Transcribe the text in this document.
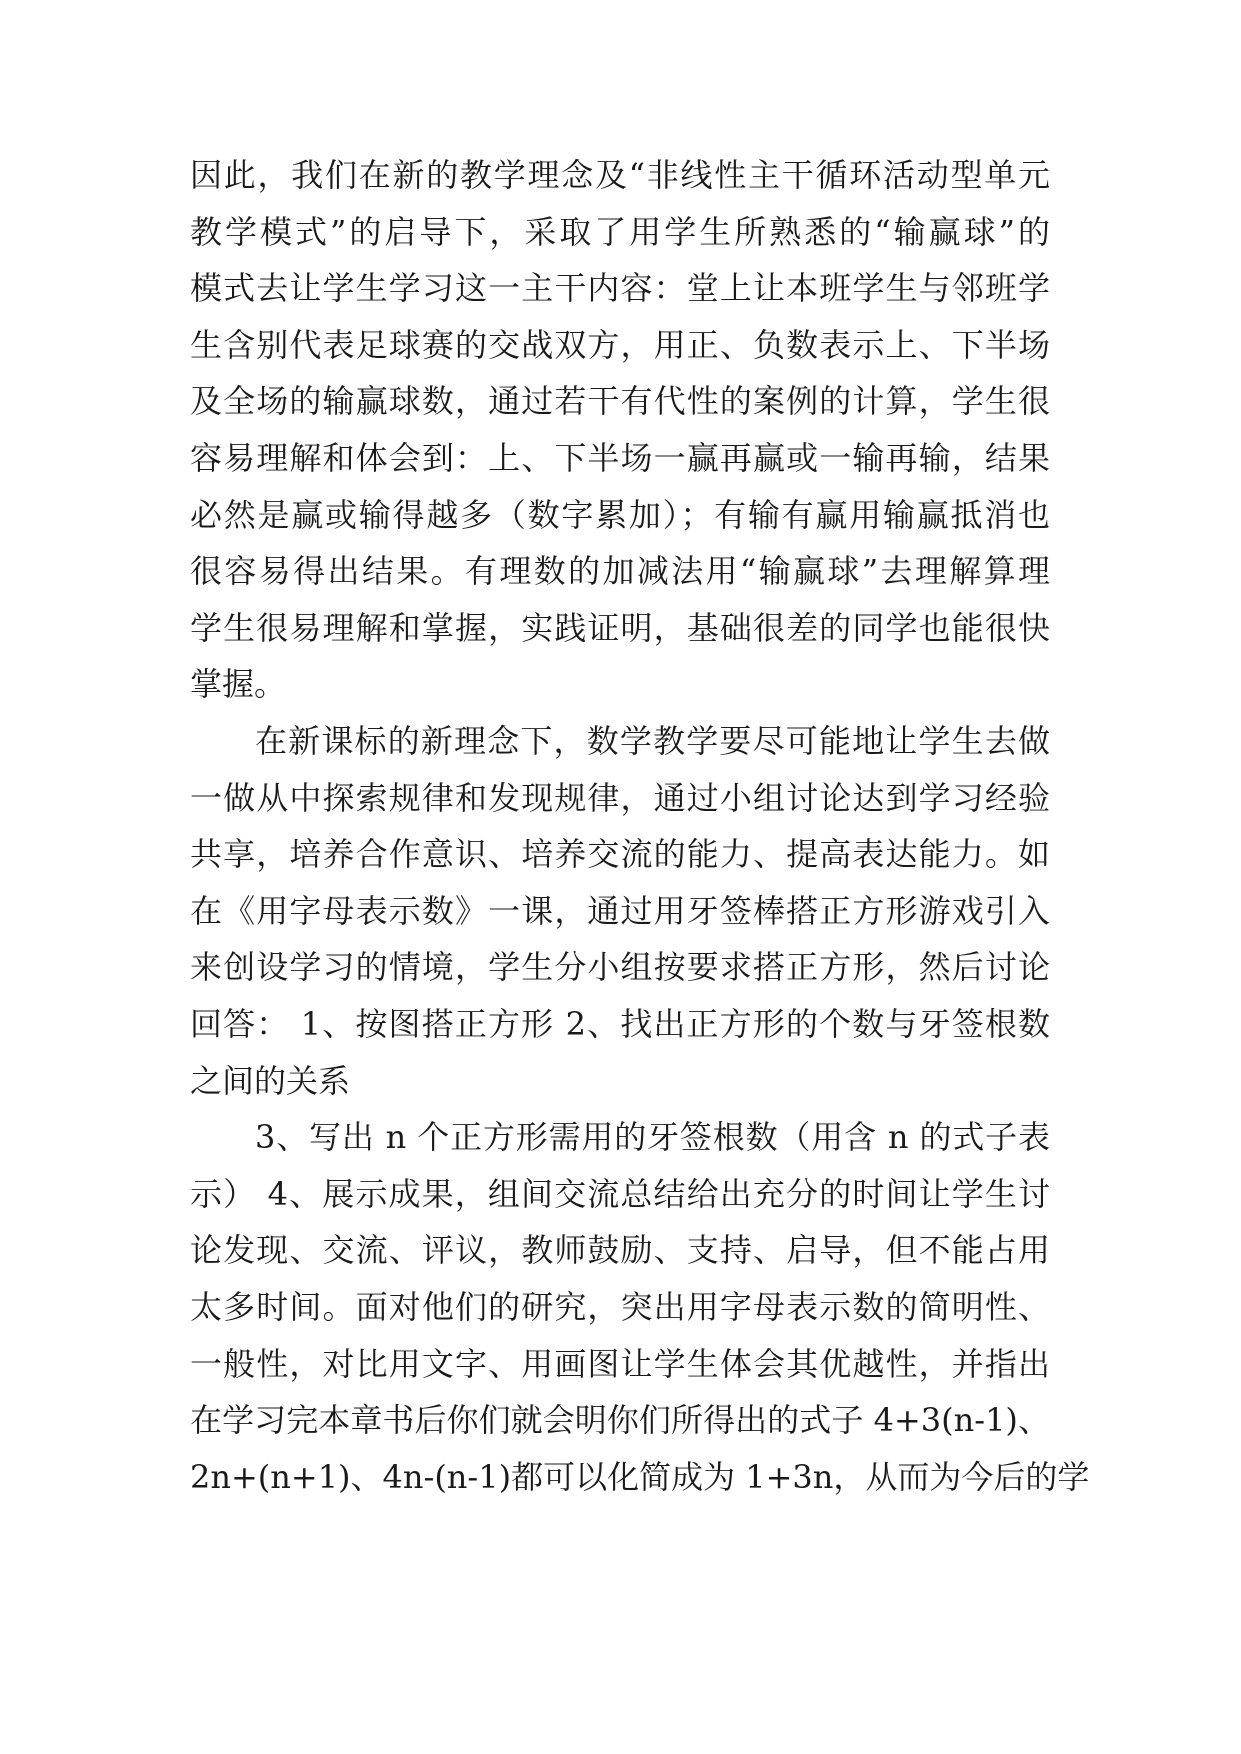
因此，我们在新的教学理念及“非线性主干循环活动型单元
教学模式”的启导下，采取了用学生所熟悉的“输赢球”的
模式去让学生学习这一主干内容：堂上让本班学生与邻班学
生含别代表足球赛的交战双方，用正、负数表示上、下半场
及全场的输赢球数，通过若干有代性的案例的计算，学生很
容易理解和体会到：上、下半场一赢再赢或一输再输，结果
必然是赢或输得越多（数字累加）；有输有赢用输赢抵消也
很容易得出结果。有理数的加减法用“输赢球”去理解算理
学生很易理解和掌握，实践证明，基础很差的同学也能很快
掌握。
在新课标的新理念下，数学教学要尽可能地让学生去做
一做从中探索规律和发现规律，通过小组讨论达到学习经验
共享，培养合作意识、培养交流的能力、提高表达能力。如
在《用字母表示数》一课，通过用牙签棒搭正方形游戏引入
来创设学习的情境，学生分小组按要求搭正方形，然后讨论
回答： 1、按图搭正方形 2、找出正方形的个数与牙签根数
之间的关系
3、写出 n 个正方形需用的牙签根数（用含 n 的式子表
示） 4、展示成果，组间交流总结给出充分的时间让学生讨
论发现、交流、评议，教师鼓励、支持、启导，但不能占用
太多时间。面对他们的研究，突出用字母表示数的简明性、
一般性，对比用文字、用画图让学生体会其优越性，并指出
在学习完本章书后你们就会明你们所得出的式子 4+3(n-1)、
2n+(n+1)、4n-(n-1)都可以化简成为 1+3n，从而为今后的学
